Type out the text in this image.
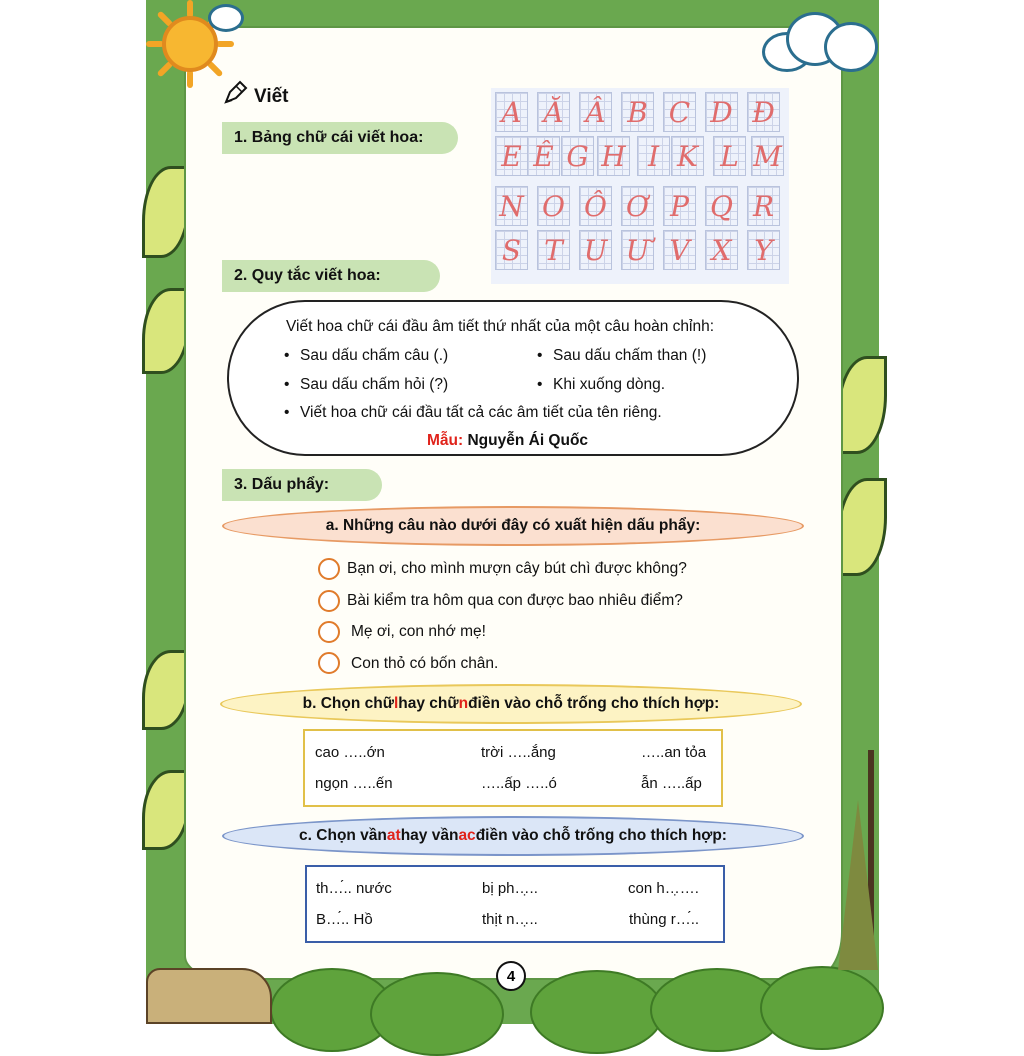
Viết
1. Bảng chữ cái viết hoa:
A Ă Â B C D Đ
E Ê G H I K L M
N O Ô Ơ P Q R
S T U Ư V X Y
2. Quy tắc viết hoa:
Viết hoa chữ cái đầu âm tiết thứ nhất của một câu hoàn chỉnh:
• Sau dấu chấm câu (.)	• Sau dấu chấm than (!)
• Sau dấu chấm hỏi (?)	• Khi xuống dòng.
• Viết hoa chữ cái đầu tất cả các âm tiết của tên riêng.
Mẫu: Nguyễn Ái Quốc
3. Dấu phẩy:
a. Những câu nào dưới đây có xuất hiện dấu phẩy:
Bạn ơi, cho mình mượn cây bút chì được không?
Bài kiểm tra hôm qua con được bao nhiêu điểm?
Mẹ ơi, con nhớ mẹ!
Con thỏ có bốn chân.
b. Chọn chữ l hay chữ n điền vào chỗ trống cho thích hợp:
cao …..ớn	trời …..ắng	…..an tỏa
ngọn …..ến	…..ấp …..ó	ẫn …..ấp
c. Chọn vần at hay vần ac điền vào chỗ trống cho thích hợp:
th…́.. nước	bị ph…̣..	con h…̣….
B…́.. Hồ	thịt n…̣..	thùng r…́..
4
